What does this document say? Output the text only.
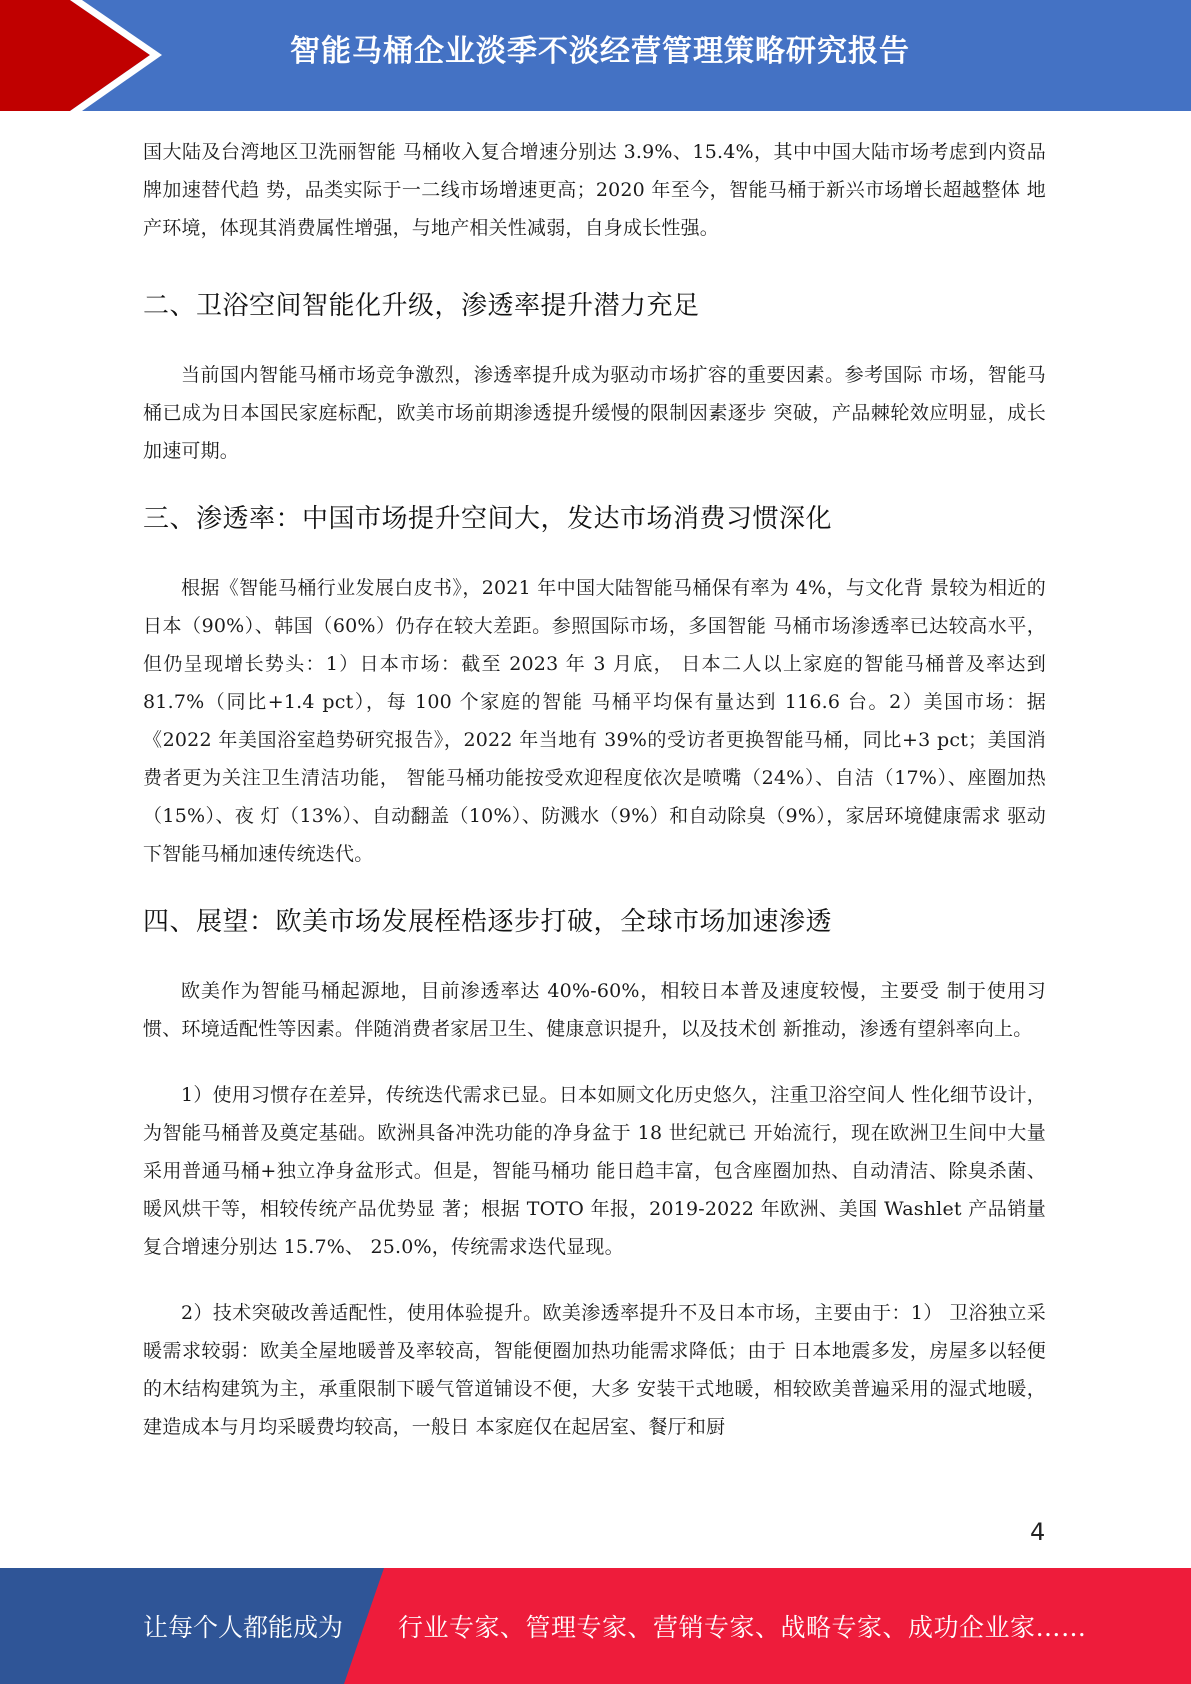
智能马桶企业淡季不淡经营管理策略研究报告

国大陆及台湾地区卫洗丽智能 马桶收入复合增速分别达 3.9%、15.4%，其中中国大陆市场考虑到内资品牌加速替代趋 势，品类实际于一二线市场增速更高；2020 年至今，智能马桶于新兴市场增长超越整体 地产环境，体现其消费属性增强，与地产相关性减弱，自身成长性强。

二、卫浴空间智能化升级，渗透率提升潜力充足

当前国内智能马桶市场竞争激烈，渗透率提升成为驱动市场扩容的重要因素。参考国际 市场，智能马桶已成为日本国民家庭标配，欧美市场前期渗透提升缓慢的限制因素逐步 突破，产品棘轮效应明显，成长加速可期。

三、渗透率：中国市场提升空间大，发达市场消费习惯深化

根据《智能马桶行业发展白皮书》，2021 年中国大陆智能马桶保有率为 4%，与文化背 景较为相近的日本（90%）、韩国（60%）仍存在较大差距。参照国际市场，多国智能 马桶市场渗透率已达较高水平，但仍呈现增长势头：1）日本市场：截至 2023 年 3 月底， 日本二人以上家庭的智能马桶普及率达到 81.7%（同比+1.4 pct），每 100 个家庭的智能 马桶平均保有量达到 116.6 台。2）美国市场：据《2022 年美国浴室趋势研究报告》，2022 年当地有 39%的受访者更换智能马桶，同比+3 pct；美国消费者更为关注卫生清洁功能， 智能马桶功能按受欢迎程度依次是喷嘴（24%）、自洁（17%）、座圈加热（15%）、夜 灯（13%）、自动翻盖（10%）、防溅水（9%）和自动除臭（9%），家居环境健康需求 驱动下智能马桶加速传统迭代。

四、展望：欧美市场发展桎梏逐步打破，全球市场加速渗透

欧美作为智能马桶起源地，目前渗透率达 40%-60%，相较日本普及速度较慢，主要受 制于使用习惯、环境适配性等因素。伴随消费者家居卫生、健康意识提升，以及技术创 新推动，渗透有望斜率向上。

1）使用习惯存在差异，传统迭代需求已显。日本如厕文化历史悠久，注重卫浴空间人 性化细节设计，为智能马桶普及奠定基础。欧洲具备冲洗功能的净身盆于 18 世纪就已 开始流行，现在欧洲卫生间中大量采用普通马桶+独立净身盆形式。但是，智能马桶功 能日趋丰富，包含座圈加热、自动清洁、除臭杀菌、暖风烘干等，相较传统产品优势显 著；根据 TOTO 年报，2019-2022 年欧洲、美国 Washlet 产品销量复合增速分别达 15.7%、 25.0%，传统需求迭代显现。

2）技术突破改善适配性，使用体验提升。欧美渗透率提升不及日本市场，主要由于：1） 卫浴独立采暖需求较弱：欧美全屋地暖普及率较高，智能便圈加热功能需求降低；由于 日本地震多发，房屋多以轻便的木结构建筑为主，承重限制下暖气管道铺设不便，大多 安装干式地暖，相较欧美普遍采用的湿式地暖，建造成本与月均采暖费均较高，一般日 本家庭仅在起居室、餐厅和厨

4
让每个人都能成为 行业专家、管理专家、营销专家、战略专家、成功企业家……
